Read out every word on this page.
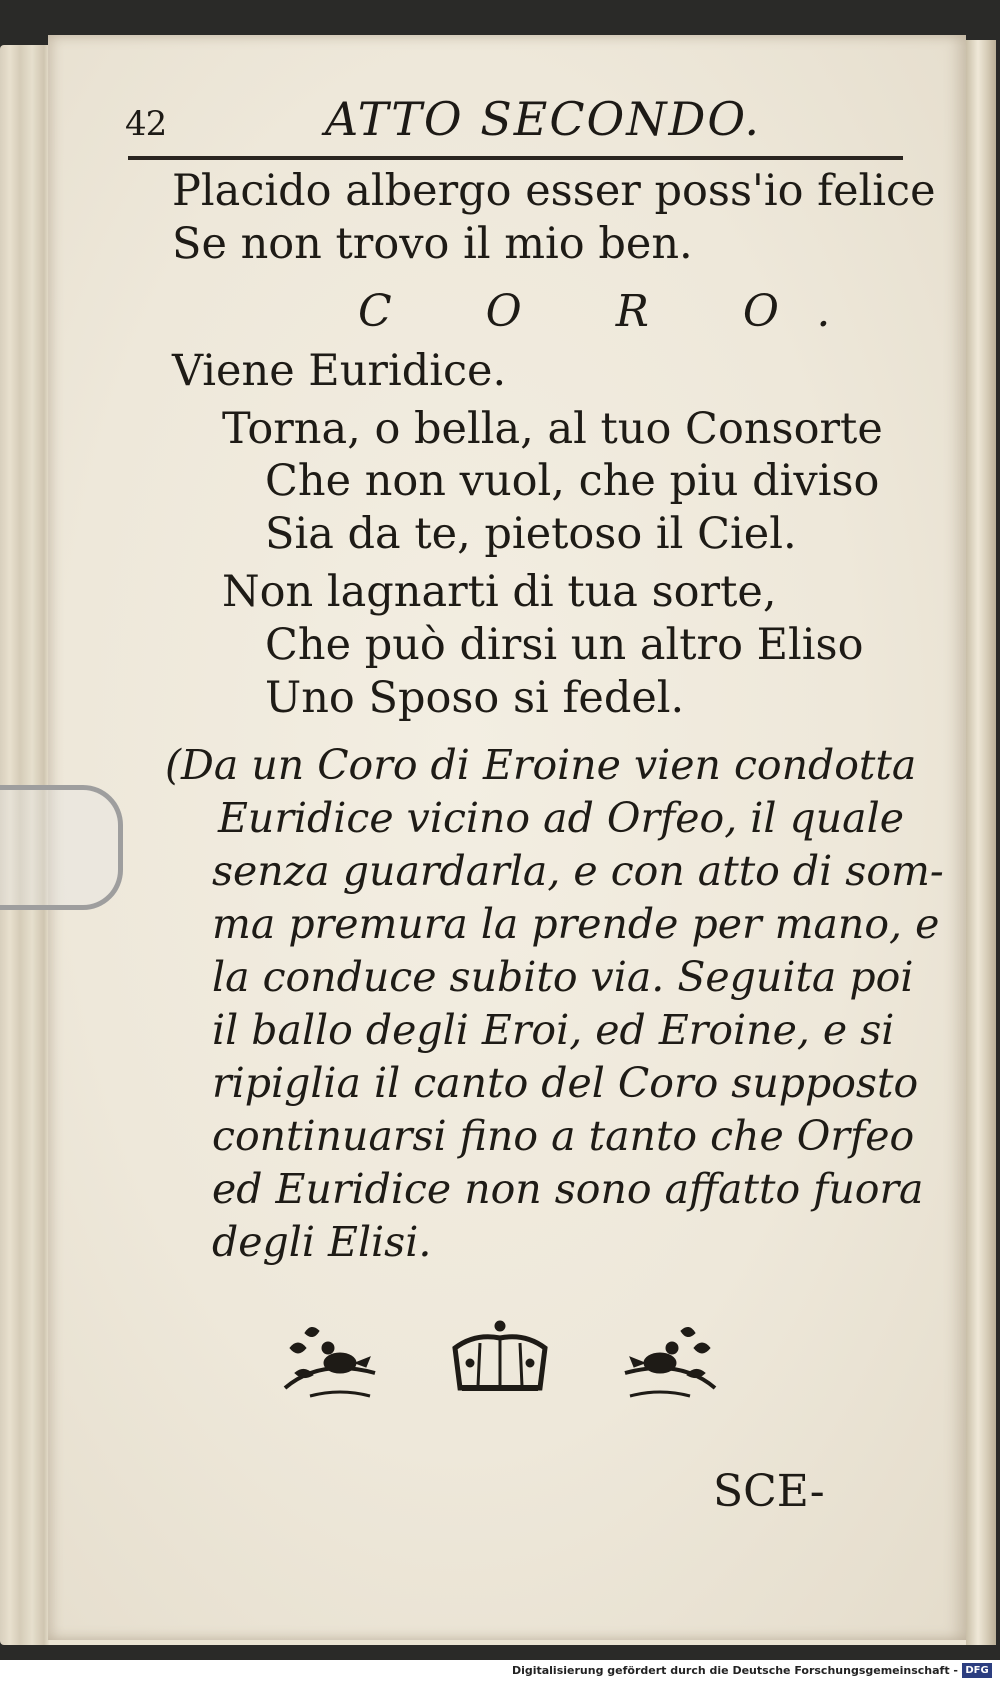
42	ATTO SECONDO.
Placido albergo esser poss'io felice
Se non trovo il mio ben.
C O R O.
Viene Euridice.
Torna, o bella, al tuo Consorte
Che non vuol, che piu diviso
Sia da te, pietoso il Ciel.
Non lagnarti di tua sorte,
Che può dirsi un altro Eliso
Uno Sposo si fedel.
(Da un Coro di Eroine vien condotta
Euridice vicino ad Orfeo, il quale
senza guardarla, e con atto di som-
ma premura la prende per mano, e
la conduce subito via. Seguita poi
il ballo degli Eroi, ed Eroine, e si
ripiglia il canto del Coro supposto
continuarsi fino a tanto che Orfeo
ed Euridice non sono affatto fuora
degli Elisi.
SCE-
Digitalisierung gefördert durch die Deutsche Forschungsgemeinschaft - DFG
